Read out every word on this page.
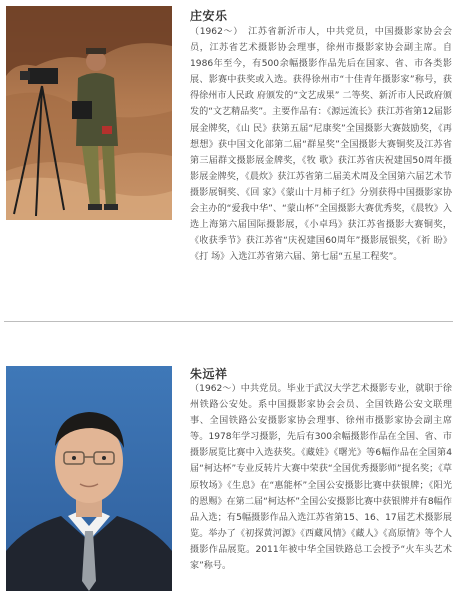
庄安乐

（1962～）　江苏省新沂市人，中共党员，中国摄影家协会会员，江苏省艺术摄影协会理事，徐州市摄影家协会副主席。自1986年至今，有500余幅摄影作品先后在国家、省、市各类影展、影赛中获奖或入选。获得徐州市“十佳青年摄影家”称号，获得徐州市人民政 府颁发的“文艺成果” 二等奖、新沂市人民政府颁发的“文艺精品奖”。主要作品有：《源远流长》获江苏省第12届影展金牌奖，《山 民》获第五届“尼康奖”全国摄影大赛鼓励奖，《再想想》获中国文化部第二届“群星奖”全国摄影大赛铜奖及江苏省第三届群文摄影展金牌奖，《牧 歌》获江苏省庆祝建国50周年摄影展金牌奖，《晨炊》获江苏省第二届美术周及全国第六届艺术节摄影展铜奖、《回 家》《蒙山十月柿子红》分别获得中国摄影家协会主办的“爱我中华”、“蒙山杯”全国摄影大赛优秀奖，《晨牧》入选上海第六届国际摄影展，《小卓玛》获江苏省摄影大赛铜奖，《收获季节》获江苏省“庆祝建国60周年”摄影展银奖，《祈 盼》《打 场》入选江苏省第六届、第七届“五星工程奖”。

朱远祥

（1962～）中共党员。毕业于武汉大学艺术摄影专业，就职于徐州铁路公安处。系中国摄影家协会会员、全国铁路公安文联理事、全国铁路公安摄影家协会理事、徐州市摄影家协会副主席等。1978年学习摄影，先后有300余幅摄影作品在全国、省、市摄影展览比赛中入选获奖。《藏娃》《曙光》等6幅作品在全国第4届“柯达杯”专业反转片大赛中荣获“全国优秀摄影师”提名奖；《草原牧场》《生息》在“惠能杯”全国公安摄影比赛中获银牌；《阳光的恩赐》在第二届“柯达杯”全国公安摄影比赛中获银牌并有8幅作品入选；有5幅摄影作品入选江苏省第15、16、17届艺术摄影展览。举办了《初探黄河源》《西藏风情》《藏人》《高原情》等个人摄影作品展览。2011年被中华全国铁路总工会授予“火车头艺术家”称号。
